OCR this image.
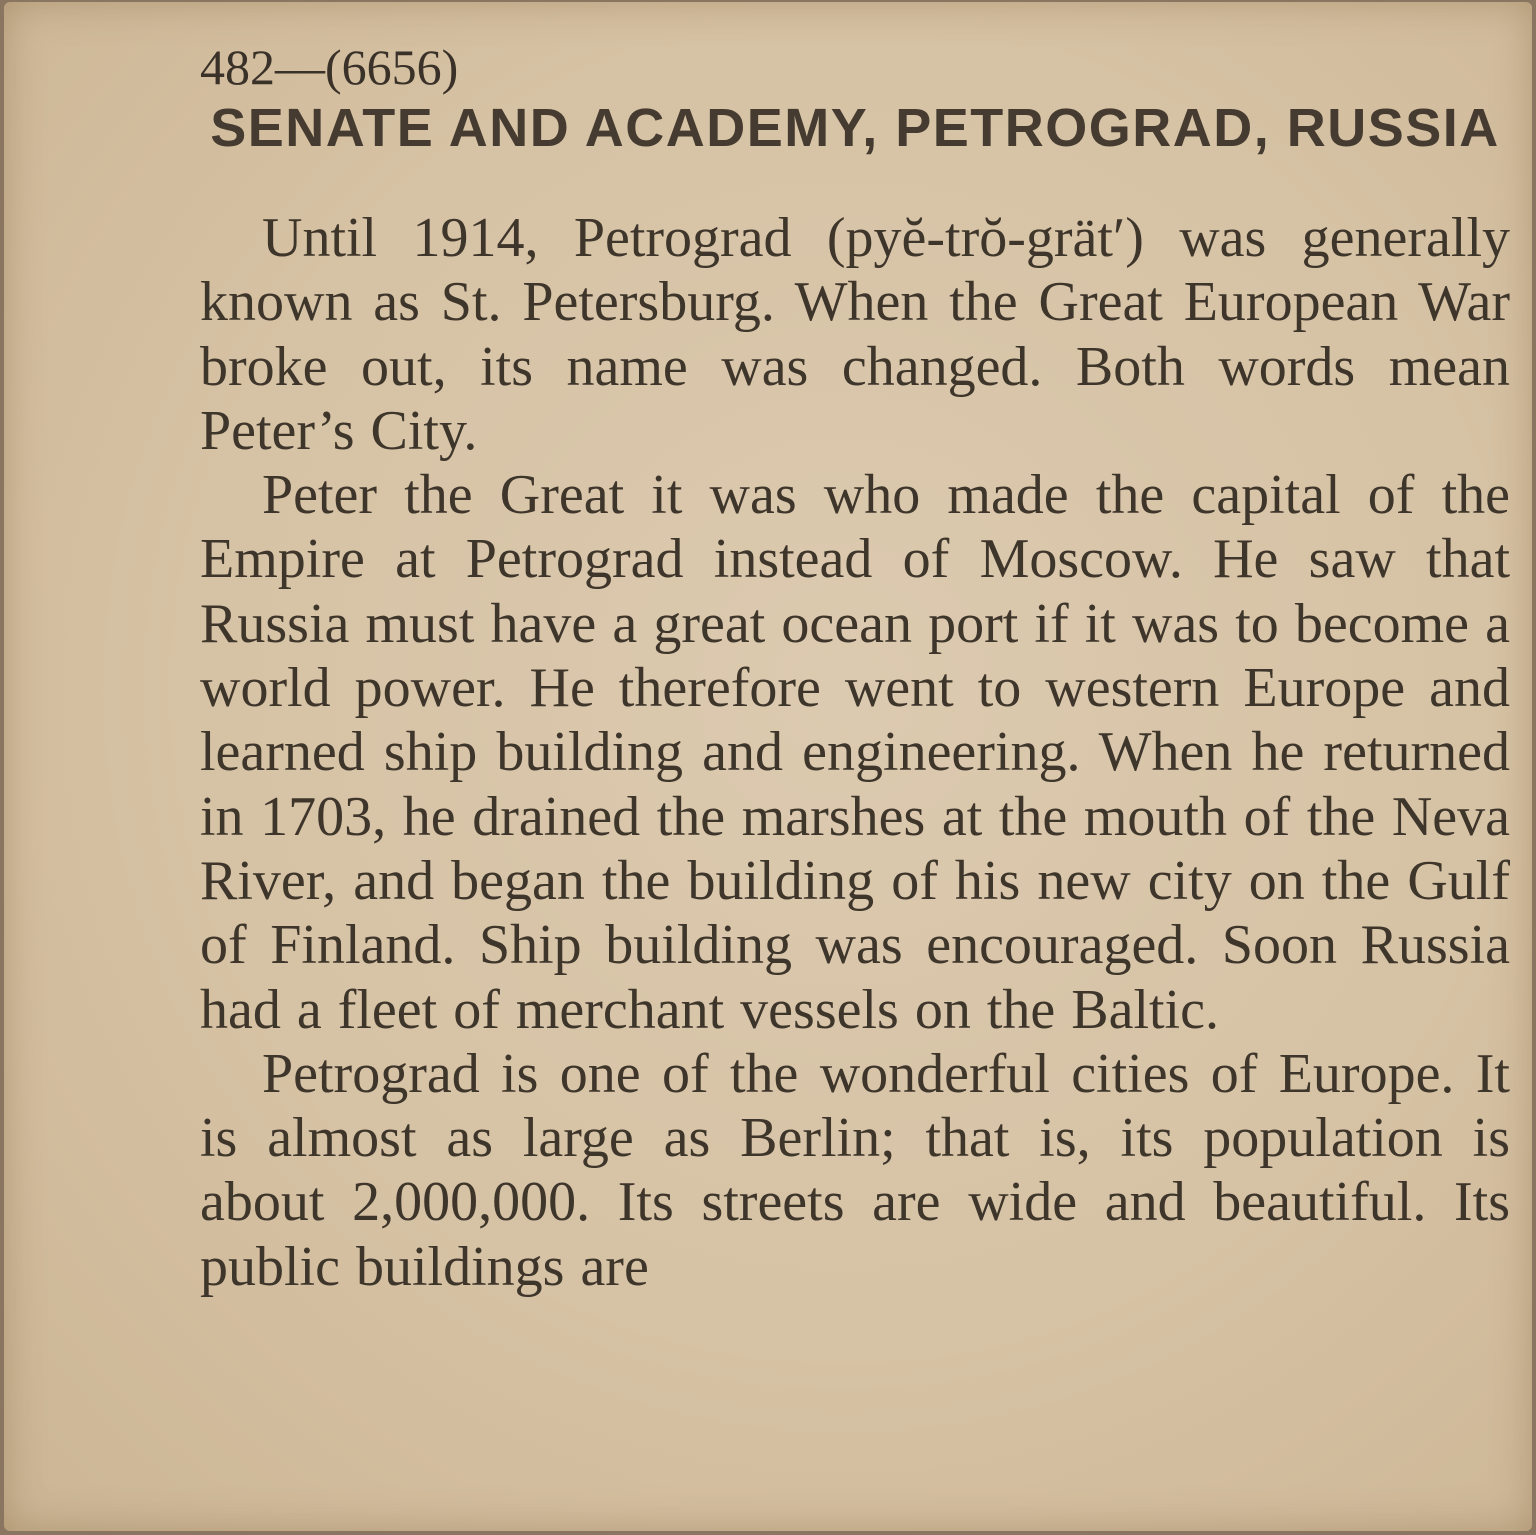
482—(6656)
SENATE AND ACADEMY, PETROGRAD, RUSSIA

Until 1914, Petrograd (pyĕ-trŏ-grät′) was generally known as St. Petersburg. When the Great European War broke out, its name was changed. Both words mean Peter’s City.

Peter the Great it was who made the capital of the Empire at Petrograd instead of Moscow. He saw that Russia must have a great ocean port if it was to become a world power. He therefore went to western Europe and learned ship building and engineering. When he returned in 1703, he drained the marshes at the mouth of the Neva River, and began the building of his new city on the Gulf of Finland. Ship building was encouraged. Soon Russia had a fleet of merchant vessels on the Baltic.

Petrograd is one of the wonderful cities of Europe. It is almost as large as Berlin; that is, its population is about 2,000,000. Its streets are wide and beautiful. Its public buildings are
